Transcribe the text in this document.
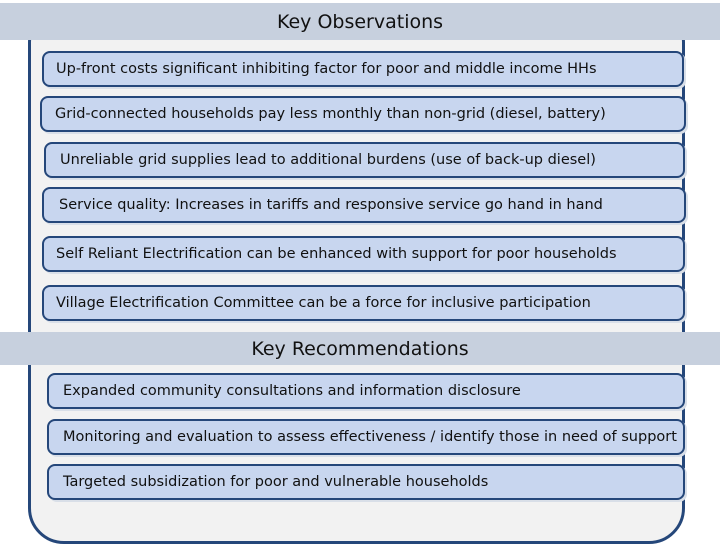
Key Observations
Up-front costs significant inhibiting factor for poor and middle income HHs
Grid-connected households pay less monthly than non-grid (diesel, battery)
Unreliable grid supplies lead to additional burdens (use of back-up diesel)
Service quality: Increases in tariffs and responsive service go hand in hand
Self Reliant Electrification can be enhanced with support for poor households
Village Electrification Committee can be a force for inclusive participation
Key Recommendations
Expanded community consultations and information disclosure
Monitoring and evaluation to assess effectiveness / identify those in need of support
Targeted subsidization for poor and vulnerable households
